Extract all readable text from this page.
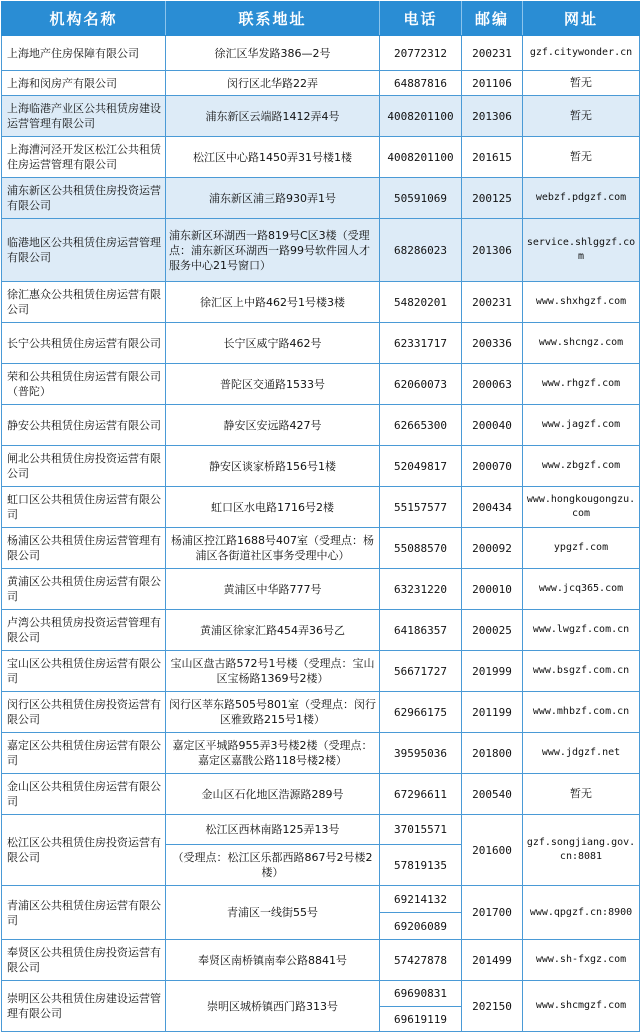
机构名称	联系地址	电话	邮编	网址
上海地产住房保障有限公司	徐汇区华发路386—2号	20772312	200231	gzf.citywonder.cn
上海和闵房产有限公司	闵行区北华路22弄	64887816	201106	暂无
上海临港产业区公共租赁房建设运营管理有限公司	浦东新区云端路1412弄4号	4008201100	201306	暂无
上海漕河泾开发区松江公共租赁住房运营管理有限公司	松江区中心路1450弄31号楼1楼	4008201100	201615	暂无
浦东新区公共租赁住房投资运营有限公司	浦东新区浦三路930弄1号	50591069	200125	webzf.pdgzf.com
临港地区公共租赁住房运营管理有限公司	浦东新区环湖西一路819号C区3楼（受理点：浦东新区环湖西一路99号软件园人才服务中心21号窗口）	68286023	201306	service.shlggzf.com
徐汇惠众公共租赁住房运营有限公司	徐汇区上中路462号1号楼3楼	54820201	200231	www.shxhgzf.com
长宁公共租赁住房运营有限公司	长宁区威宁路462号	62331717	200336	www.shcngz.com
荣和公共租赁住房运营有限公司（普陀）	普陀区交通路1533号	62060073	200063	www.rhgzf.com
静安公共租赁住房运营有限公司	静安区安远路427号	62665300	200040	www.jagzf.com
闸北公共租赁住房投资运营有限公司	静安区谈家桥路156号1楼	52049817	200070	www.zbgzf.com
虹口区公共租赁住房运营有限公司	虹口区水电路1716号2楼	55157577	200434	www.hongkougongzu.com
杨浦区公共租赁住房运营管理有限公司	杨浦区控江路1688号407室（受理点：杨浦区各街道社区事务受理中心）	55088570	200092	ypgzf.com
黄浦区公共租赁住房运营有限公司	黄浦区中华路777号	63231220	200010	www.jcq365.com
卢湾公共租赁房投资运营管理有限公司	黄浦区徐家汇路454弄36号乙	64186357	200025	www.lwgzf.com.cn
宝山区公共租赁住房运营有限公司	宝山区盘古路572号1号楼（受理点：宝山区宝杨路1369号2楼）	56671727	201999	www.bsgzf.com.cn
闵行区公共租赁住房投资运营有限公司	闵行区莘东路505号801室（受理点：闵行区雅致路215号1楼）	62966175	201199	www.mhbzf.com.cn
嘉定区公共租赁住房运营有限公司	嘉定区平城路955弄3号楼2楼（受理点：嘉定区嘉戬公路118号楼2楼）	39595036	201800	www.jdgzf.net
金山区公共租赁住房运营有限公司	金山区石化地区浩源路289号	67296611	200540	暂无
松江区公共租赁住房投资运营有限公司	松江区西林南路125弄13号	37015571	201600	gzf.songjiang.gov.cn:8081
	（受理点：松江区乐都西路867号2号楼2楼）	57819135		
青浦区公共租赁住房运营有限公司	青浦区一线街55号	69214132	201700	www.qpgzf.cn:8900
		69206089		
奉贤区公共租赁住房投资运营有限公司	奉贤区南桥镇南奉公路8841号	57427878	201499	www.sh-fxgz.com
崇明区公共租赁住房建设运营管理有限公司	崇明区城桥镇西门路313号	69690831	202150	www.shcmgzf.com
		69619119		
